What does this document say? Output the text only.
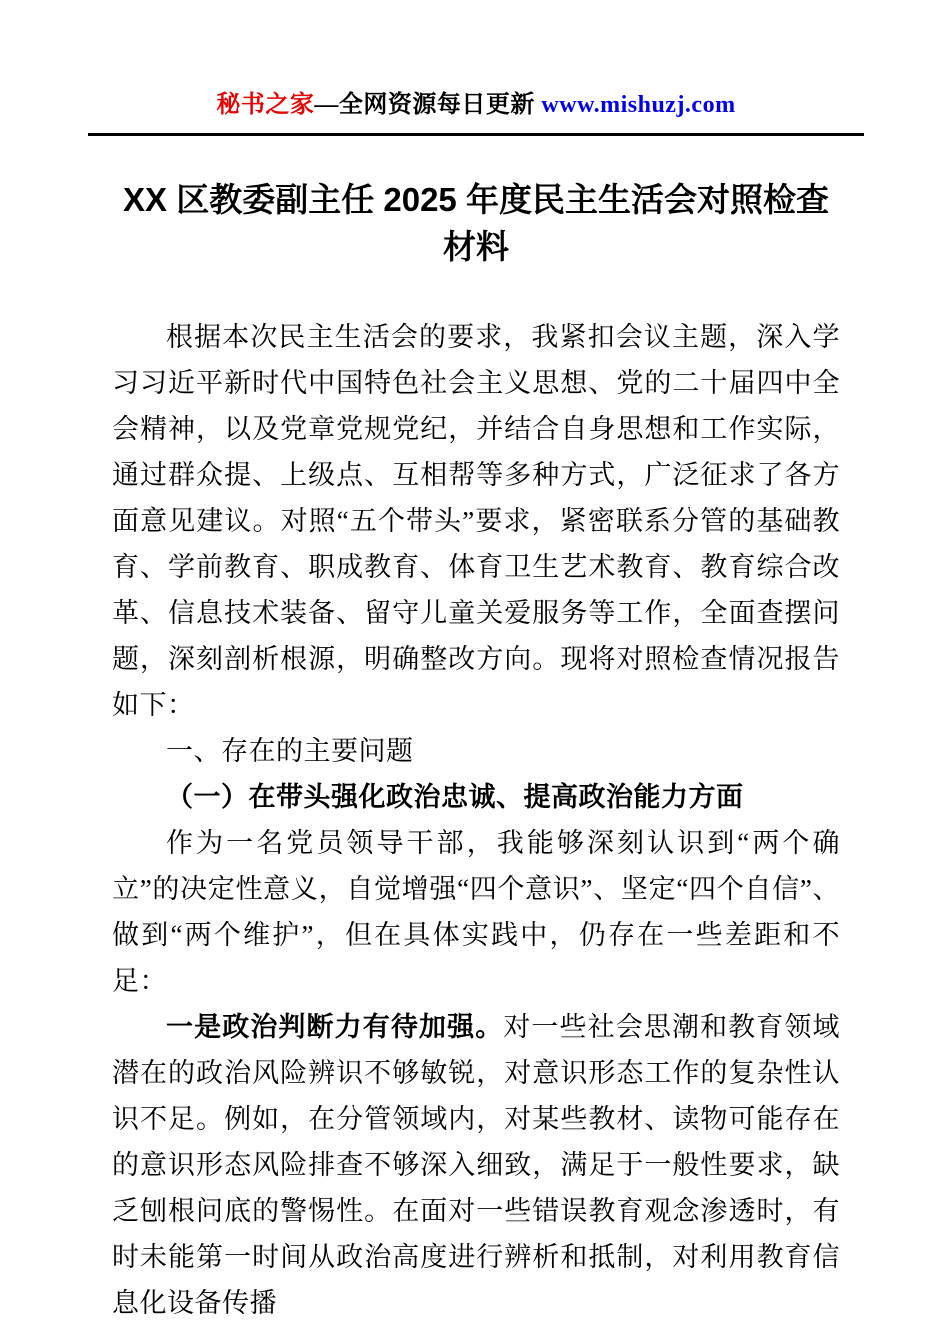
秘书之家—全网资源每日更新 www.mishuzj.com
XX 区教委副主任 2025 年度民主生活会对照检查材料

根据本次民主生活会的要求，我紧扣会议主题，深入学习习近平新时代中国特色社会主义思想、党的二十届四中全会精神，以及党章党规党纪，并结合自身思想和工作实际，通过群众提、上级点、互相帮等多种方式，广泛征求了各方面意见建议。对照“五个带头”要求，紧密联系分管的基础教育、学前教育、职成教育、体育卫生艺术教育、教育综合改革、信息技术装备、留守儿童关爱服务等工作，全面查摆问题，深刻剖析根源，明确整改方向。现将对照检查情况报告如下：

一、存在的主要问题

（一）在带头强化政治忠诚、提高政治能力方面

作为一名党员领导干部，我能够深刻认识到“两个确立”的决定性意义，自觉增强“四个意识”、坚定“四个自信”、做到“两个维护”，但在具体实践中，仍存在一些差距和不足：

一是政治判断力有待加强。对一些社会思潮和教育领域潜在的政治风险辨识不够敏锐，对意识形态工作的复杂性认识不足。例如，在分管领域内，对某些教材、读物可能存在的意识形态风险排查不够深入细致，满足于一般性要求，缺乏刨根问底的警惕性。在面对一些错误教育观念渗透时，有时未能第一时间从政治高度进行辨析和抵制，对利用教育信息化设备传播
